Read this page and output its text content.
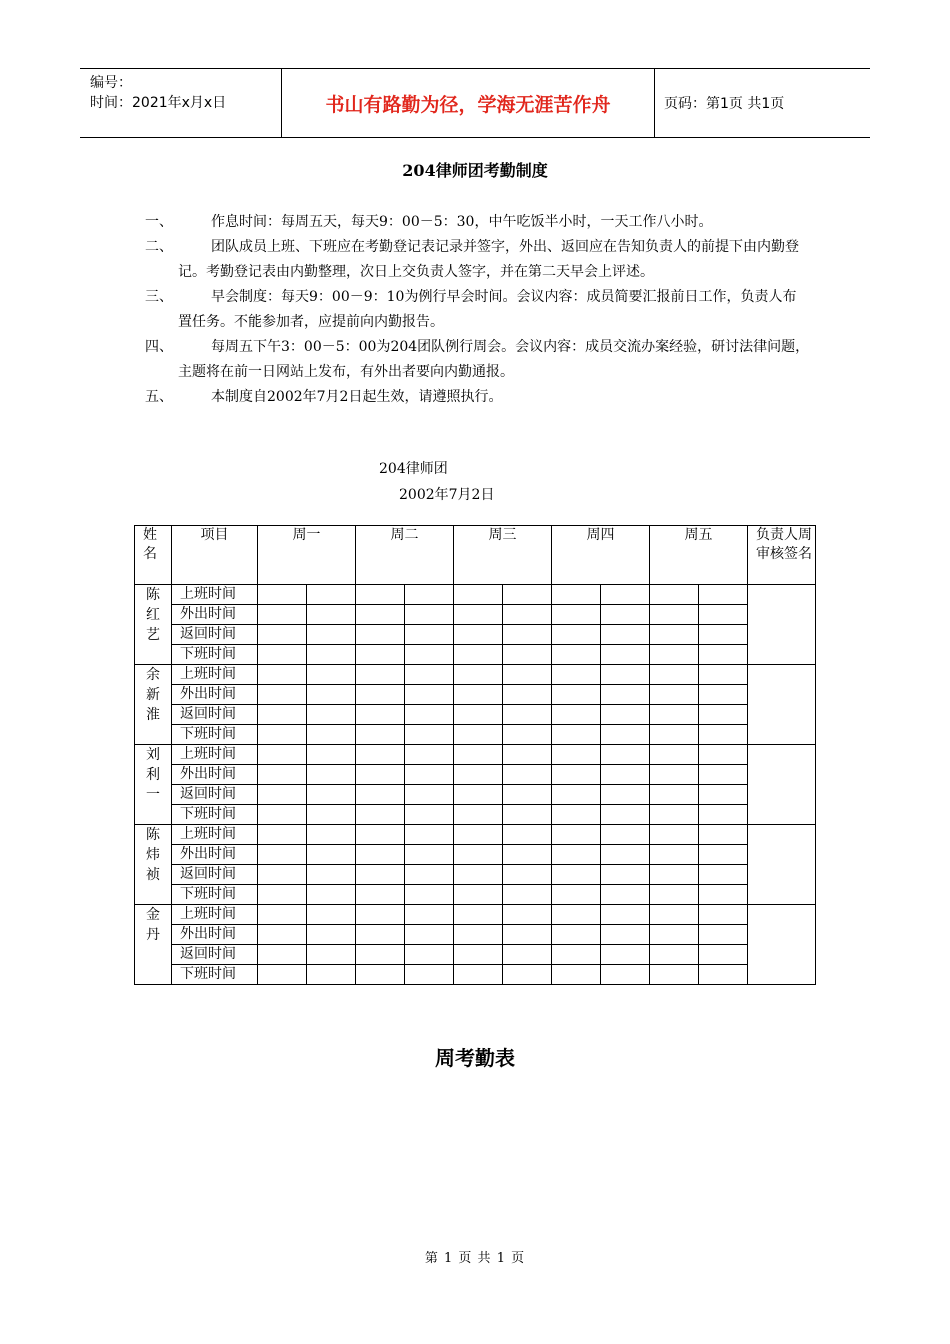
编号：
时间：2021年x月x日	书山有路勤为径，学海无涯苦作舟	页码：第1页 共1页
204律师团考勤制度
一、	作息时间：每周五天，每天9：00－5：30，中午吃饭半小时，一天工作八小时。
二、	团队成员上班、下班应在考勤登记表记录并签字，外出、返回应在告知负责人的前提下由内勤登记。考勤登记表由内勤整理，次日上交负责人签字，并在第二天早会上评述。
三、	早会制度：每天9：00－9：10为例行早会时间。会议内容：成员简要汇报前日工作，负责人布置任务。不能参加者，应提前向内勤报告。
四、	每周五下午3：00－5：00为204团队例行周会。会议内容：成员交流办案经验，研讨法律问题，主题将在前一日网站上发布，有外出者要向内勤通报。
五、	本制度自2002年7月2日起生效，请遵照执行。
204律师团
2002年7月2日
姓名	项目	周一		周二		周三		周四		周五		负责人周审核签名
陈红艺	上班时间											
	外出时间											
	返回时间											
	下班时间											
余新淮	上班时间											
	外出时间											
	返回时间											
	下班时间											
刘利一	上班时间											
	外出时间											
	返回时间											
	下班时间											
陈炜祯	上班时间											
	外出时间											
	返回时间											
	下班时间											
金丹	上班时间											
	外出时间											
	返回时间											
	下班时间											
周考勤表
第 1 页 共 1 页
